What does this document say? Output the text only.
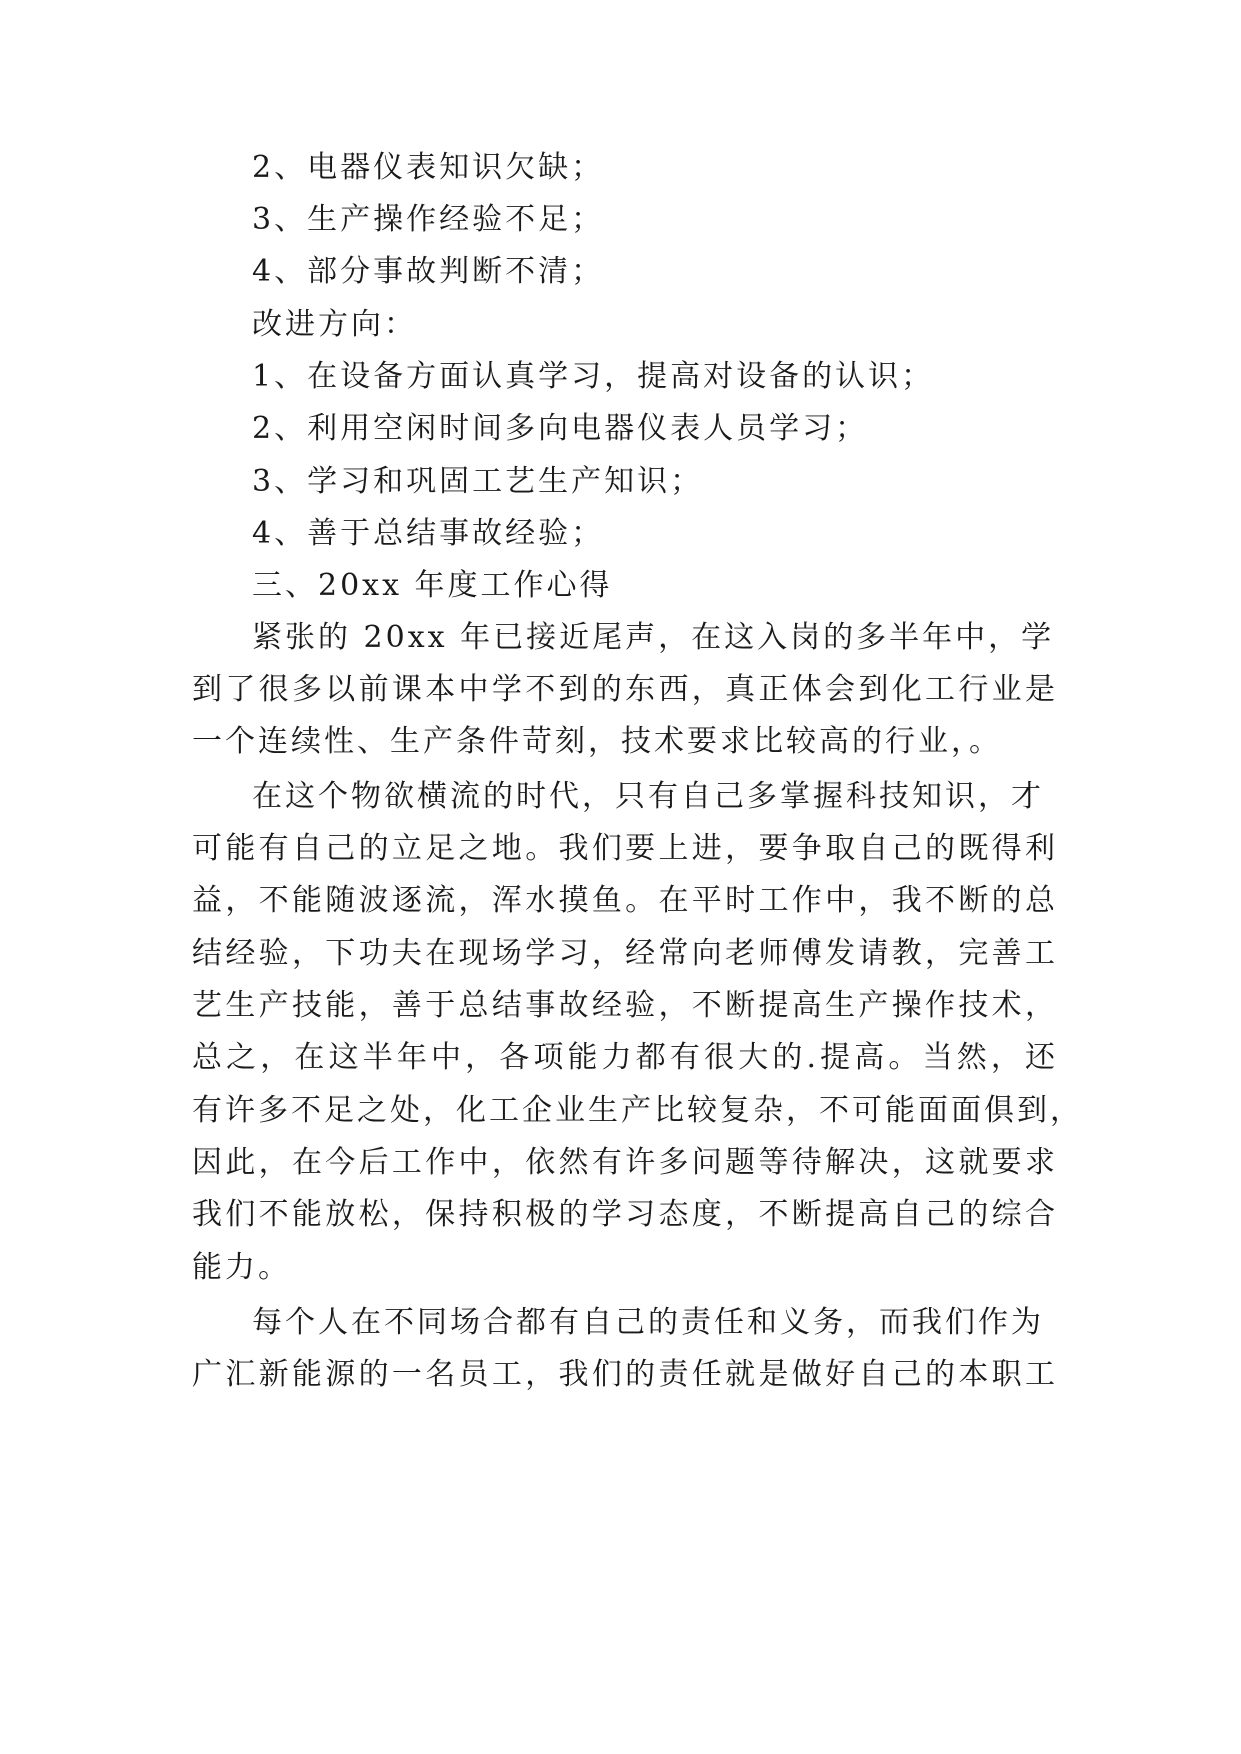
2、电器仪表知识欠缺；

3、生产操作经验不足；

4、部分事故判断不清；

改进方向：

1、在设备方面认真学习，提高对设备的认识；

2、利用空闲时间多向电器仪表人员学习；

3、学习和巩固工艺生产知识；

4、善于总结事故经验；

三、20xx 年度工作心得

紧张的 20xx 年已接近尾声，在这入岗的多半年中，学

到了很多以前课本中学不到的东西，真正体会到化工行业是

一个连续性、生产条件苛刻，技术要求比较高的行业，。

在这个物欲横流的时代，只有自己多掌握科技知识，才

可能有自己的立足之地。我们要上进，要争取自己的既得利

益，不能随波逐流，浑水摸鱼。在平时工作中，我不断的总

结经验，下功夫在现场学习，经常向老师傅发请教，完善工

艺生产技能，善于总结事故经验，不断提高生产操作技术，

总之，在这半年中，各项能力都有很大的.提高。当然，还

有许多不足之处，化工企业生产比较复杂，不可能面面俱到，

因此，在今后工作中，依然有许多问题等待解决，这就要求

我们不能放松，保持积极的学习态度，不断提高自己的综合

能力。

每个人在不同场合都有自己的责任和义务，而我们作为

广汇新能源的一名员工，我们的责任就是做好自己的本职工
